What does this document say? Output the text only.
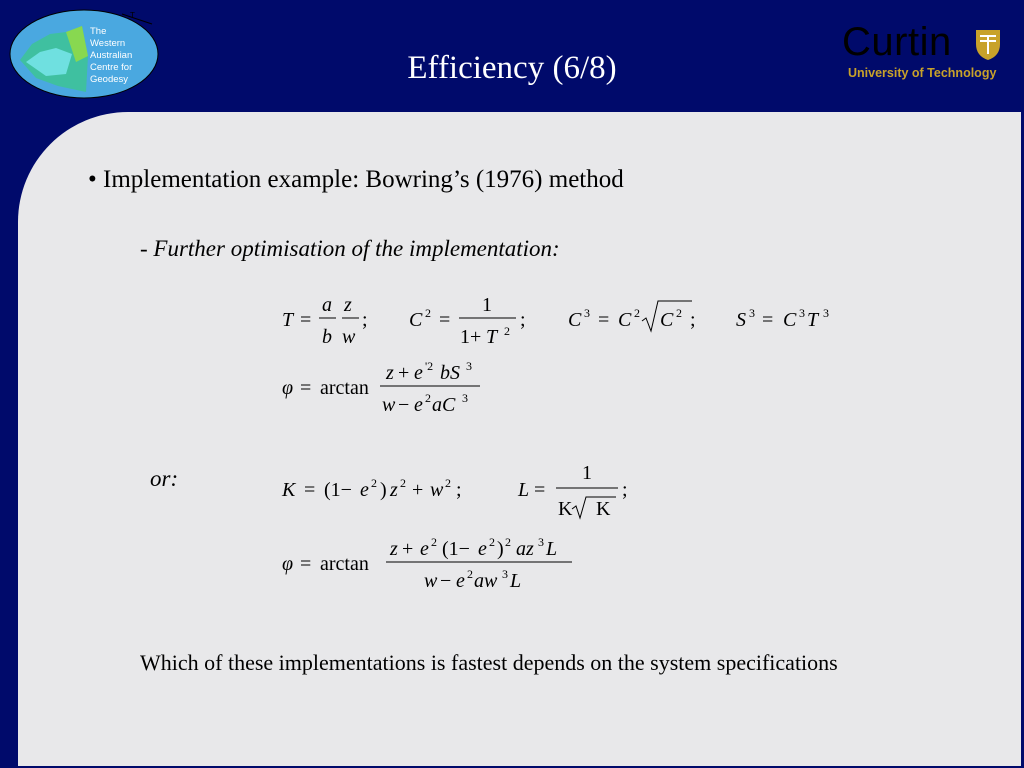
T
The
Western
Australian
Centre for
Geodesy	Efficiency (6/8)
Curtin
University of Technology
• Implementation example: Bowring’s (1976) method
- Further optimisation of the implementation:
T =
a
b
z
w
; C 2 =
1
1+ T 2 ; C 3 = C 2 C 2 ; S 3 = C 3 T 3
φ = arctan
z + e '2 bS 3
w − e 2 aC 3
K = (1− e 2 ) z 2 + w 2 ;	L =
1
K K
;
φ = arctan
z + e 2 (1− e 2 ) 2 az 3 L
w − e 2 aw 3 L
or:
Which of these implementations is fastest depends on the system specifications
